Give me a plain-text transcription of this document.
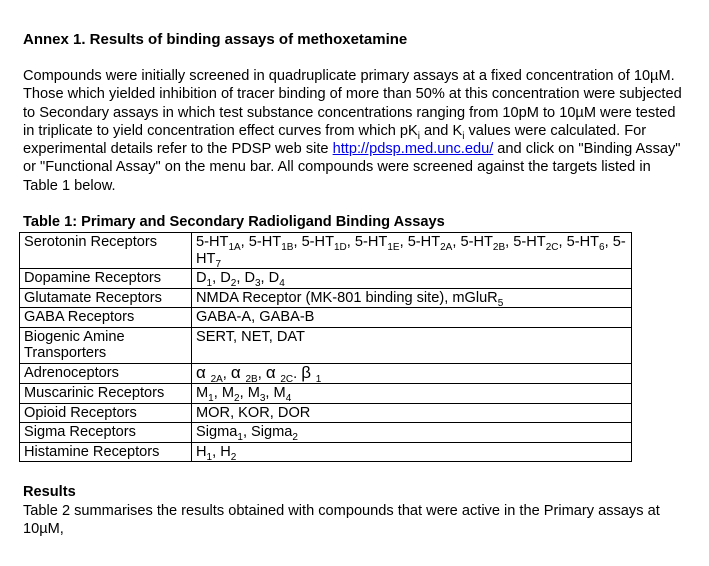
Annex 1. Results of binding assays of methoxetamine

Compounds were initially screened in quadruplicate primary assays at a fixed concentration of 10µM. Those which yielded inhibition of tracer binding of more than 50% at this concentration were subjected to Secondary assays in which test substance concentrations ranging from 10pM to 10µM were tested in triplicate to yield concentration effect curves from which $pK_i$ and $K_i$ values were calculated. For experimental details refer to the PDSP web site http://pdsp.med.unc.edu/ and click on "Binding Assay" or "Functional Assay" on the menu bar. All compounds were screened against the targets listed in Table 1 below.

Table 1: Primary and Secondary Radioligand Binding Assays

Serotonin Receptors	$5-HT_{1A}$, $5-HT_{1B}$, $5-HT_{1D}$, $5-HT_{1E}$, $5-HT_{2A}$, $5-HT_{2B}$, $5-HT_{2C}$, $5-HT_6$, $5-HT_7$
Dopamine Receptors	$D_1$, $D_2$, $D_3$, $D_4$
Glutamate Receptors	NMDA Receptor (MK-801 binding site), mGluR$_5$
GABA Receptors	GABA-A, GABA-B
Biogenic Amine Transporters	SERT, NET, DAT
Adrenoceptors	α $_{2A}$, α $_{2B}$, α $_{2C}$. β $_1$
Muscarinic Receptors	$M_1$, $M_2$, $M_3$, $M_4$
Opioid Receptors	MOR, KOR, DOR
Sigma Receptors	Sigma$_1$, Sigma$_2$
Histamine Receptors	$H_1$, $H_2$

Results

Table 2 summarises the results obtained with compounds that were active in the Primary assays at 10µM,
